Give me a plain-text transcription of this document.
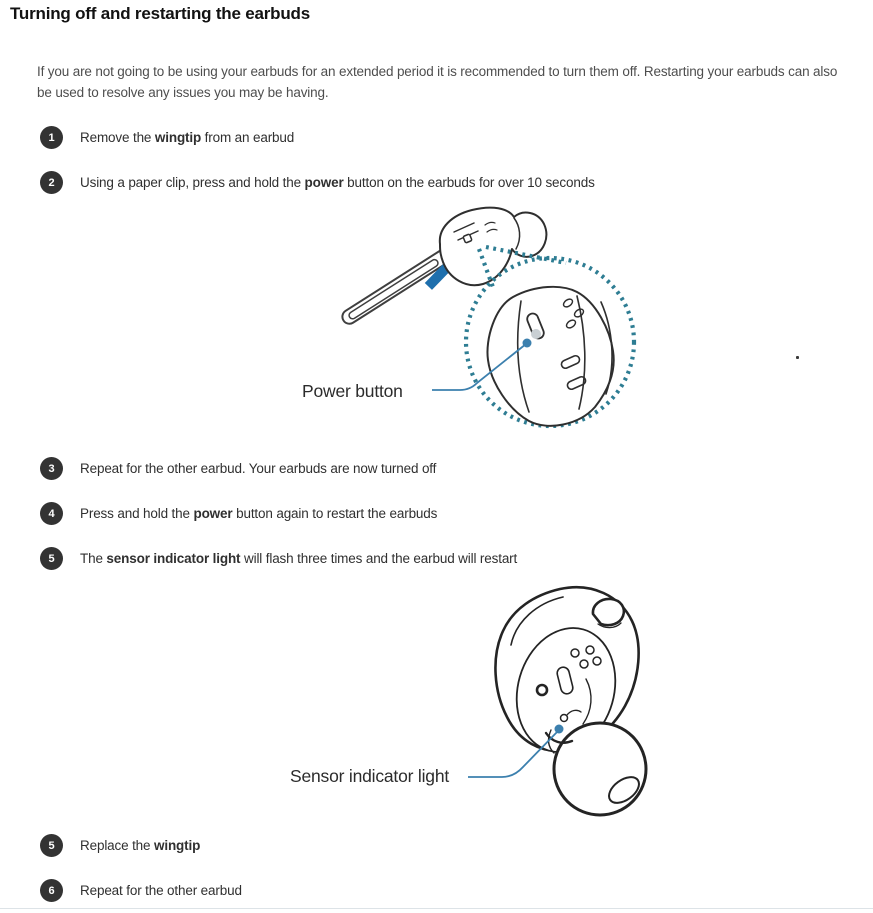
Turning off and restarting the earbuds

If you are not going to be using your earbuds for an extended period it is recommended to turn them off. Restarting your earbuds can also be used to resolve any issues you may be having.

1	Remove the wingtip from an earbud
2	Using a paper clip, press and hold the power button on the earbuds for over 10 seconds
Power button
3	Repeat for the other earbud. Your earbuds are now turned off
4	Press and hold the power button again to restart the earbuds
5	The sensor indicator light will flash three times and the earbud will restart
Sensor indicator light
5	Replace the wingtip
6	Repeat for the other earbud
